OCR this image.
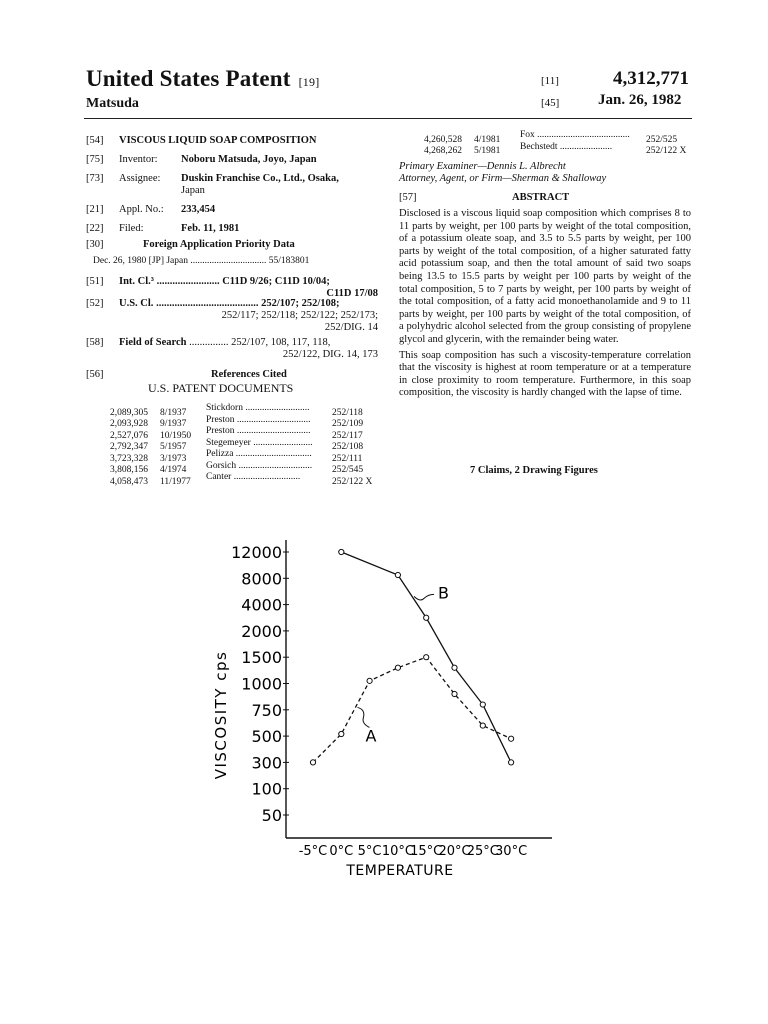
United States Patent [19]
Matsuda
[11]	4,312,771
[45]	Jan. 26, 1982
[54] VISCOUS LIQUID SOAP COMPOSITION
[75] Inventor: Noboru Matsuda, Joyo, Japan
[73] Assignee: Duskin Franchise Co., Ltd., Osaka,
Japan
[21] Appl. No.: 233,454
[22] Filed:	Feb. 11, 1981
[30]	Foreign Application Priority Data
Dec. 26, 1980 [JP] Japan ................................ 55/183801
[51] Int. Cl.³ ........................ C11D 9/26; C11D 10/04;
C11D 17/08
[52] U.S. Cl. ....................................... 252/107; 252/108;
252/117; 252/118; 252/122; 252/173;
252/DIG. 14
[58] Field of Search ............... 252/107, 108, 117, 118,
252/122, DIG. 14, 173
[56]	References Cited
U.S. PATENT DOCUMENTS
2,089,305 8/1937 Stickdorn ........................... 252/118
2,093,928 9/1937 Preston ............................... 252/109
2,527,076 10/1950 Preston ............................... 252/117
2,792,347 5/1957 Stegemeyer ......................... 252/108
3,723,328 3/1973 Pelizza ................................ 252/111
3,808,156 4/1974 Gorsich ............................... 252/545
4,058,473 11/1977 Canter ............................	252/122 X
4,260,528 4/1981 Fox ....................................... 252/525
4,268,262 5/1981 Bechstedt ......................	252/122 X
Primary Examiner—Dennis L. Albrecht
Attorney, Agent, or Firm—Sherman & Shalloway
[57]	ABSTRACT

Disclosed is a viscous liquid soap composition which comprises 8 to 11 parts by weight, per 100 parts by weight of the total composition, of a potassium oleate soap, and 3.5 to 5.5 parts by weight, per 100 parts by weight of the total composition, of a higher saturated fatty acid potassium soap, and then the total amount of said two soaps being 13.5 to 15.5 parts by weight per 100 parts by weight of the total composition, 5 to 7 parts by weight, per 100 parts by weight of the total composition, of a fatty acid monoethanolamide and 9 to 11 parts by weight, per 100 parts by weight of the total composition, of a polyhydric alcohol selected from the group consisting of propylene glycol and glycerin, with the remainder being water.

This soap composition has such a viscosity-temperature correlation that the viscosity is highest at room temperature or at a temperature in close proximity to room temperature. Furthermore, in this soap composition, the viscosity is hardly changed with the lapse of time.

7 Claims, 2 Drawing Figures
12000
8000
4000
2000
1500
1000
750
500
300
100
50
-5°C 0°C 5°C 10°C
15°C
20°C
25°C
30°C
B
A
VISCOSITY cps
TEMPERATURE
